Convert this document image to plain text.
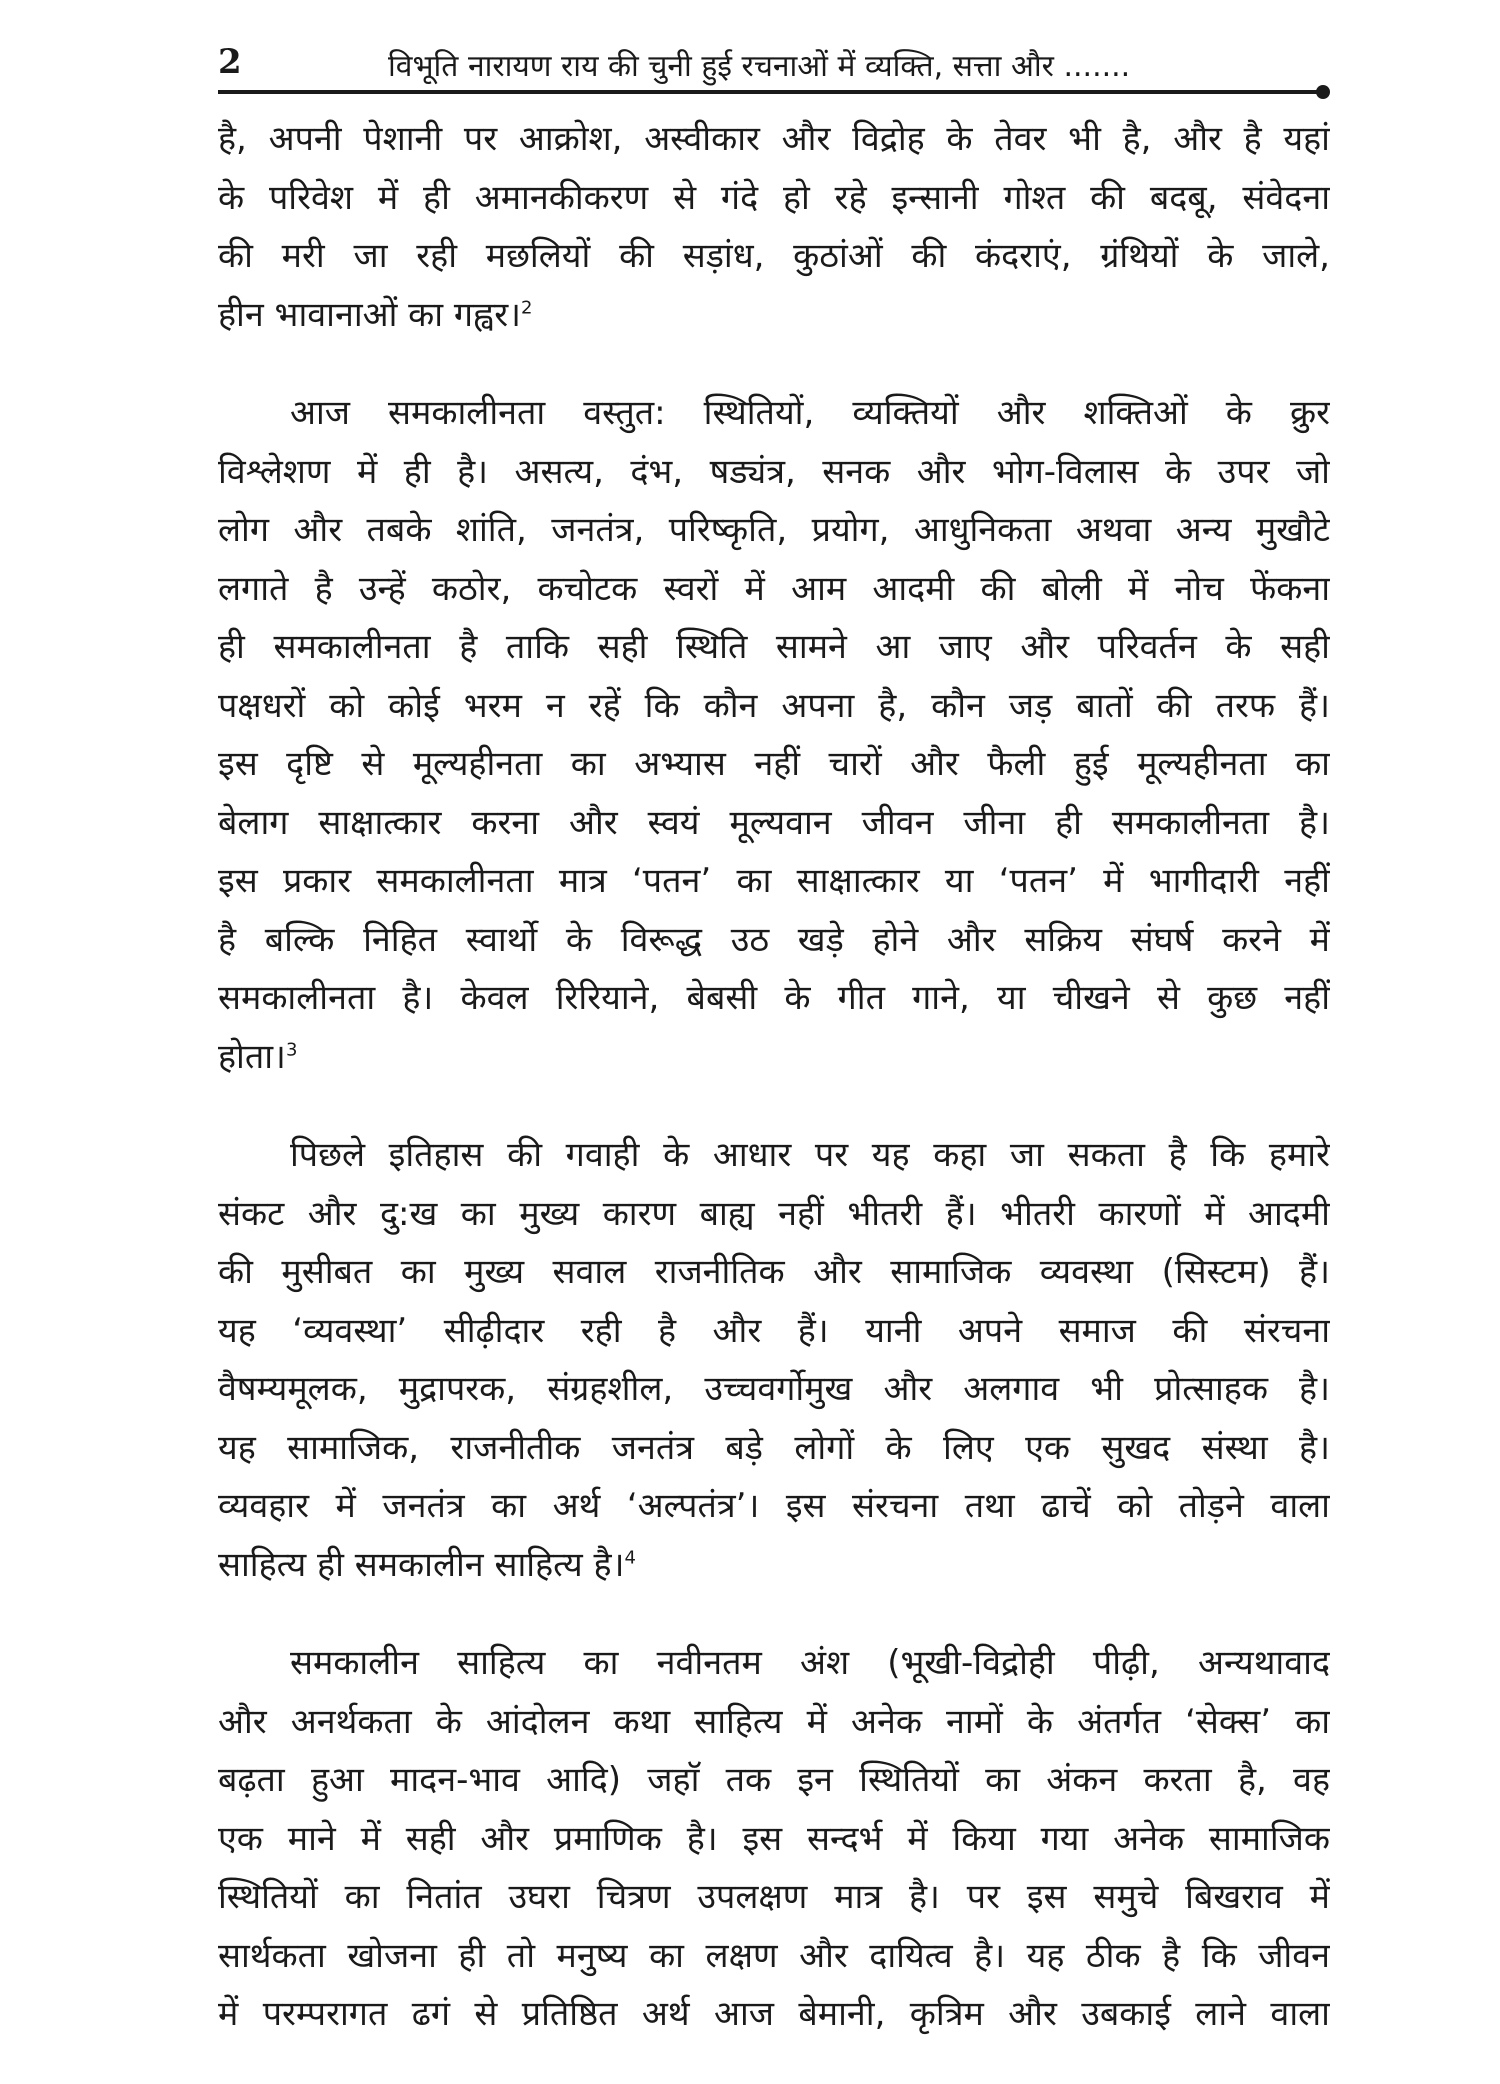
2	विभूति नारायण राय की चुनी हुई रचनाओं में व्यक्ति, सत्ता और .......
है, अपनी पेशानी पर आक्रोश, अस्वीकार और विद्रोह के तेवर भी है, और है यहां
के परिवेश में ही अमानकीकरण से गंदे हो रहे इन्सानी गोश्त की बदबू, संवेदना
की मरी जा रही मछलियों की सड़ांध, कुठांओं की कंदराएं, ग्रंथियों के जाले,
हीन भावानाओं का गह्वर।$^2$
आज समकालीनता वस्तुत: स्थितियों, व्यक्तियों और शक्तिओं के क्रुर
विश्लेशण में ही है। असत्य, दंभ, षड्यंत्र, सनक और भोग-विलास के उपर जो
लोग और तबके शांति, जनतंत्र, परिष्कृति, प्रयोग, आधुनिकता अथवा अन्य मुखौटे
लगाते है उन्हें कठोर, कचोटक स्वरों में आम आदमी की बोली में नोच फेंकना
ही समकालीनता है ताकि सही स्थिति सामने आ जाए और परिवर्तन के सही
पक्षधरों को कोई भरम न रहें कि कौन अपना है, कौन जड़ बातों की तरफ हैं।
इस दृष्टि से मूल्यहीनता का अभ्यास नहीं चारों और फैली हुई मूल्यहीनता का
बेलाग साक्षात्कार करना और स्वयं मूल्यवान जीवन जीना ही समकालीनता है।
इस प्रकार समकालीनता मात्र ‘पतन’ का साक्षात्कार या ‘पतन’ में भागीदारी नहीं
है बल्कि निहित स्वार्थो के विरूद्ध उठ खड़े होने और सक्रिय संघर्ष करने में
समकालीनता है। केवल रिरियाने, बेबसी के गीत गाने, या चीखने से कुछ नहीं
होता।$^3$
पिछले इतिहास की गवाही के आधार पर यह कहा जा सकता है कि हमारे
संकट और दु:ख का मुख्य कारण बाह्य नहीं भीतरी हैं। भीतरी कारणों में आदमी
की मुसीबत का मुख्य सवाल राजनीतिक और सामाजिक व्यवस्था (सिस्टम) हैं।
यह ‘व्यवस्था’ सीढ़ीदार रही है और हैं। यानी अपने समाज की संरचना
वैषम्यमूलक, मुद्रापरक, संग्रहशील, उच्चवर्गोमुख और अलगाव भी प्रोत्साहक है।
यह सामाजिक, राजनीतीक जनतंत्र बड़े लोगों के लिए एक सुखद संस्था है।
व्यवहार में जनतंत्र का अर्थ ‘अल्पतंत्र’। इस संरचना तथा ढाचें को तोड़ने वाला
साहित्य ही समकालीन साहित्य है।$^4$
समकालीन साहित्य का नवीनतम अंश (भूखी-विद्रोही पीढ़ी, अन्यथावाद
और अनर्थकता के आंदोलन कथा साहित्य में अनेक नामों के अंतर्गत ‘सेक्स’ का
बढ़ता हुआ मादन-भाव आदि) जहाॅ तक इन स्थितियों का अंकन करता है, वह
एक माने में सही और प्रमाणिक है। इस सन्दर्भ में किया गया अनेक सामाजिक
स्थितियों का नितांत उघरा चित्रण उपलक्षण मात्र है। पर इस समुचे बिखराव में
सार्थकता खोजना ही तो मनुष्य का लक्षण और दायित्व है। यह ठीक है कि जीवन
में परम्परागत ढगं से प्रतिष्ठित अर्थ आज बेमानी, कृत्रिम और उबकाई लाने वाला
